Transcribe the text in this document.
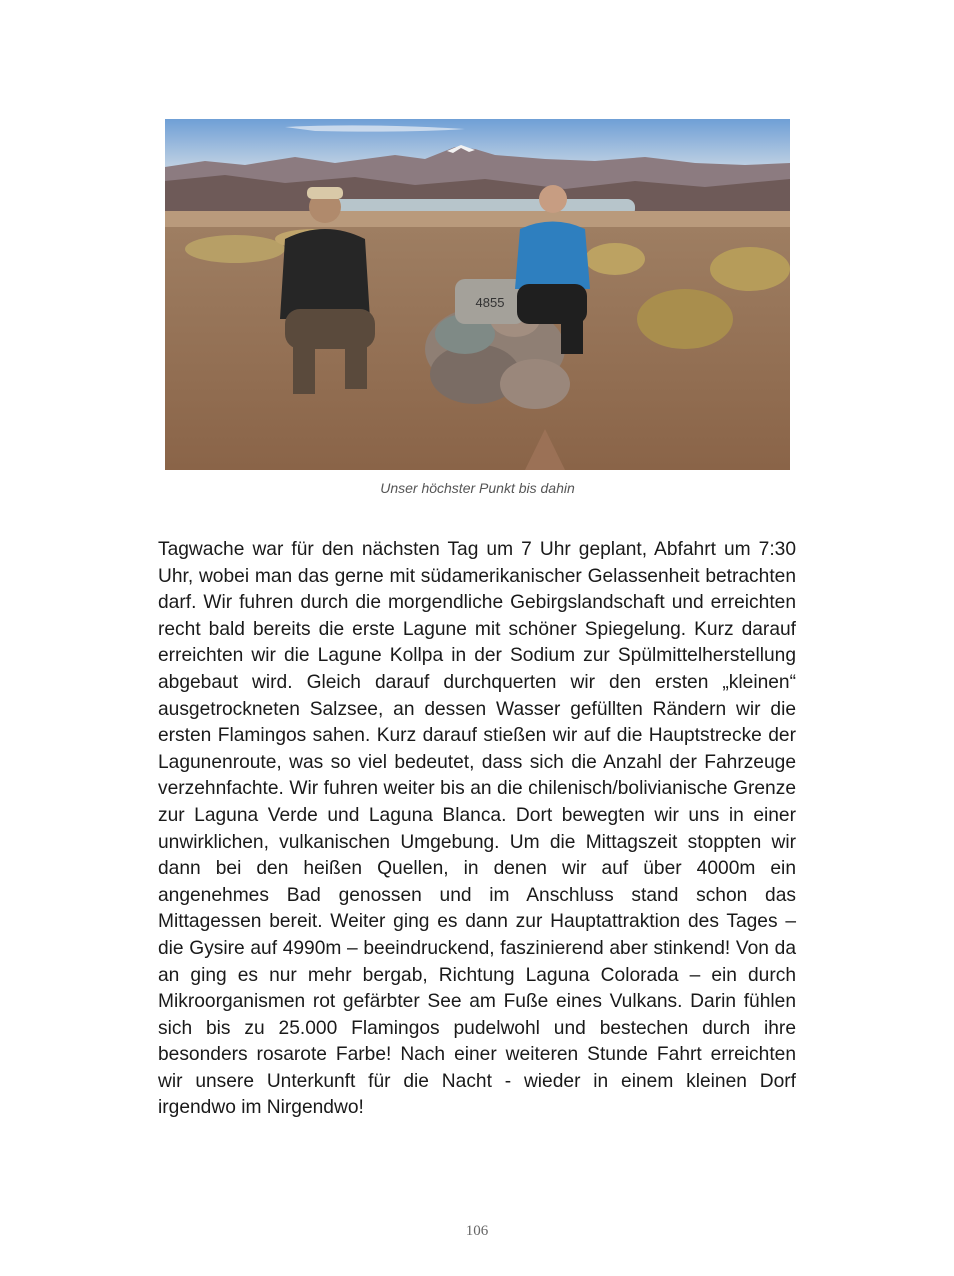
4855
Unser höchster Punkt bis dahin

Tagwache war für den nächsten Tag um 7 Uhr geplant, Abfahrt um 7:30 Uhr, wobei man das gerne mit südamerikanischer Gelassenheit betrachten darf. Wir fuhren durch die morgendliche Gebirgslandschaft und erreichten recht bald bereits die erste Lagune mit schöner Spiegelung. Kurz darauf erreichten wir die Lagune Kollpa in der Sodium zur Spülmittelherstellung abgebaut wird. Gleich darauf durchquerten wir den ersten „kleinen“ ausgetrockneten Salzsee, an dessen Wasser gefüllten Rändern wir die ersten Flamingos sahen. Kurz darauf stießen wir auf die Hauptstrecke der Lagunenroute, was so viel bedeutet, dass sich die Anzahl der Fahrzeuge verzehnfachte. Wir fuhren weiter bis an die chilenisch/bolivianische Grenze zur Laguna Verde und Laguna Blanca. Dort bewegten wir uns in einer unwirklichen, vulkanischen Umgebung. Um die Mittagszeit stoppten wir dann bei den heißen Quellen, in denen wir auf über 4000m ein angenehmes Bad genossen und im Anschluss stand schon das Mittagessen bereit. Weiter ging es dann zur Hauptattraktion des Tages – die Gysire auf 4990m – beeindruckend, faszinierend aber stinkend! Von da an ging es nur mehr bergab, Richtung Laguna Colorada – ein durch Mikroorganismen rot gefärbter See am Fuße eines Vulkans. Darin fühlen sich bis zu 25.000 Flamingos pudelwohl und bestechen durch ihre besonders rosarote Farbe! Nach einer weiteren Stunde Fahrt erreichten wir unsere Unterkunft für die Nacht - wieder in einem kleinen Dorf irgendwo im Nirgendwo!

106
